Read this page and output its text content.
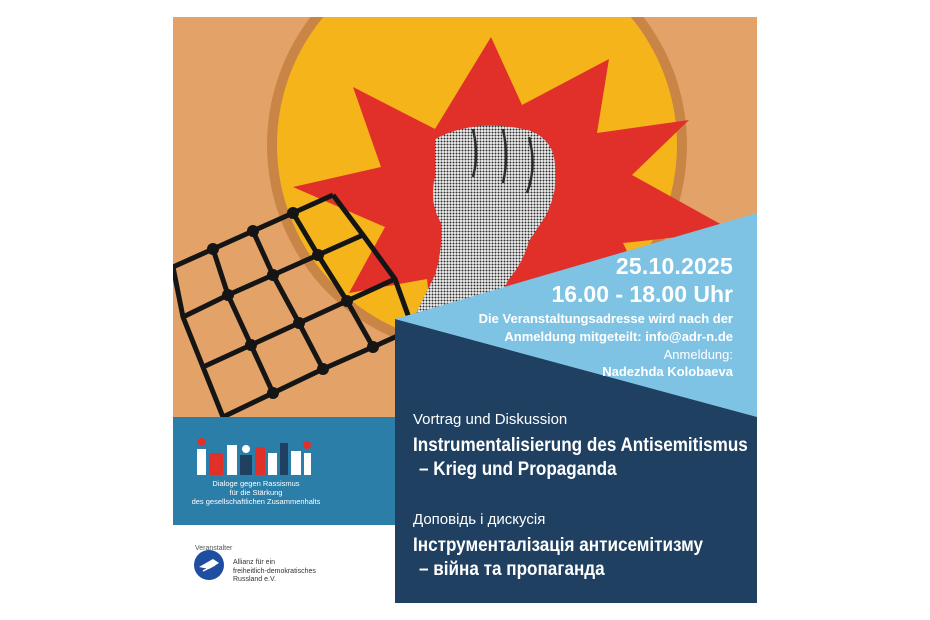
25.10.2025
16.00 - 18.00 Uhr
Die Veranstaltungsadresse wird nach der
Anmeldung mitgeteilt: info@adr-n.de
Anmeldung:
Nadezhda Kolobaeva
Vortrag und Diskussion
Instrumentalisierung des Antisemitismus
– Krieg und Propaganda
Доповідь і дискусія
Інструменталізація антисемітизму
– війна та пропаганда
Dialoge gegen Rassismus
für die Stärkung
des gesellschaftlichen Zusammenhalts
Veranstalter
Allianz für ein
freiheitlich-demokratisches
Russland e.V.
